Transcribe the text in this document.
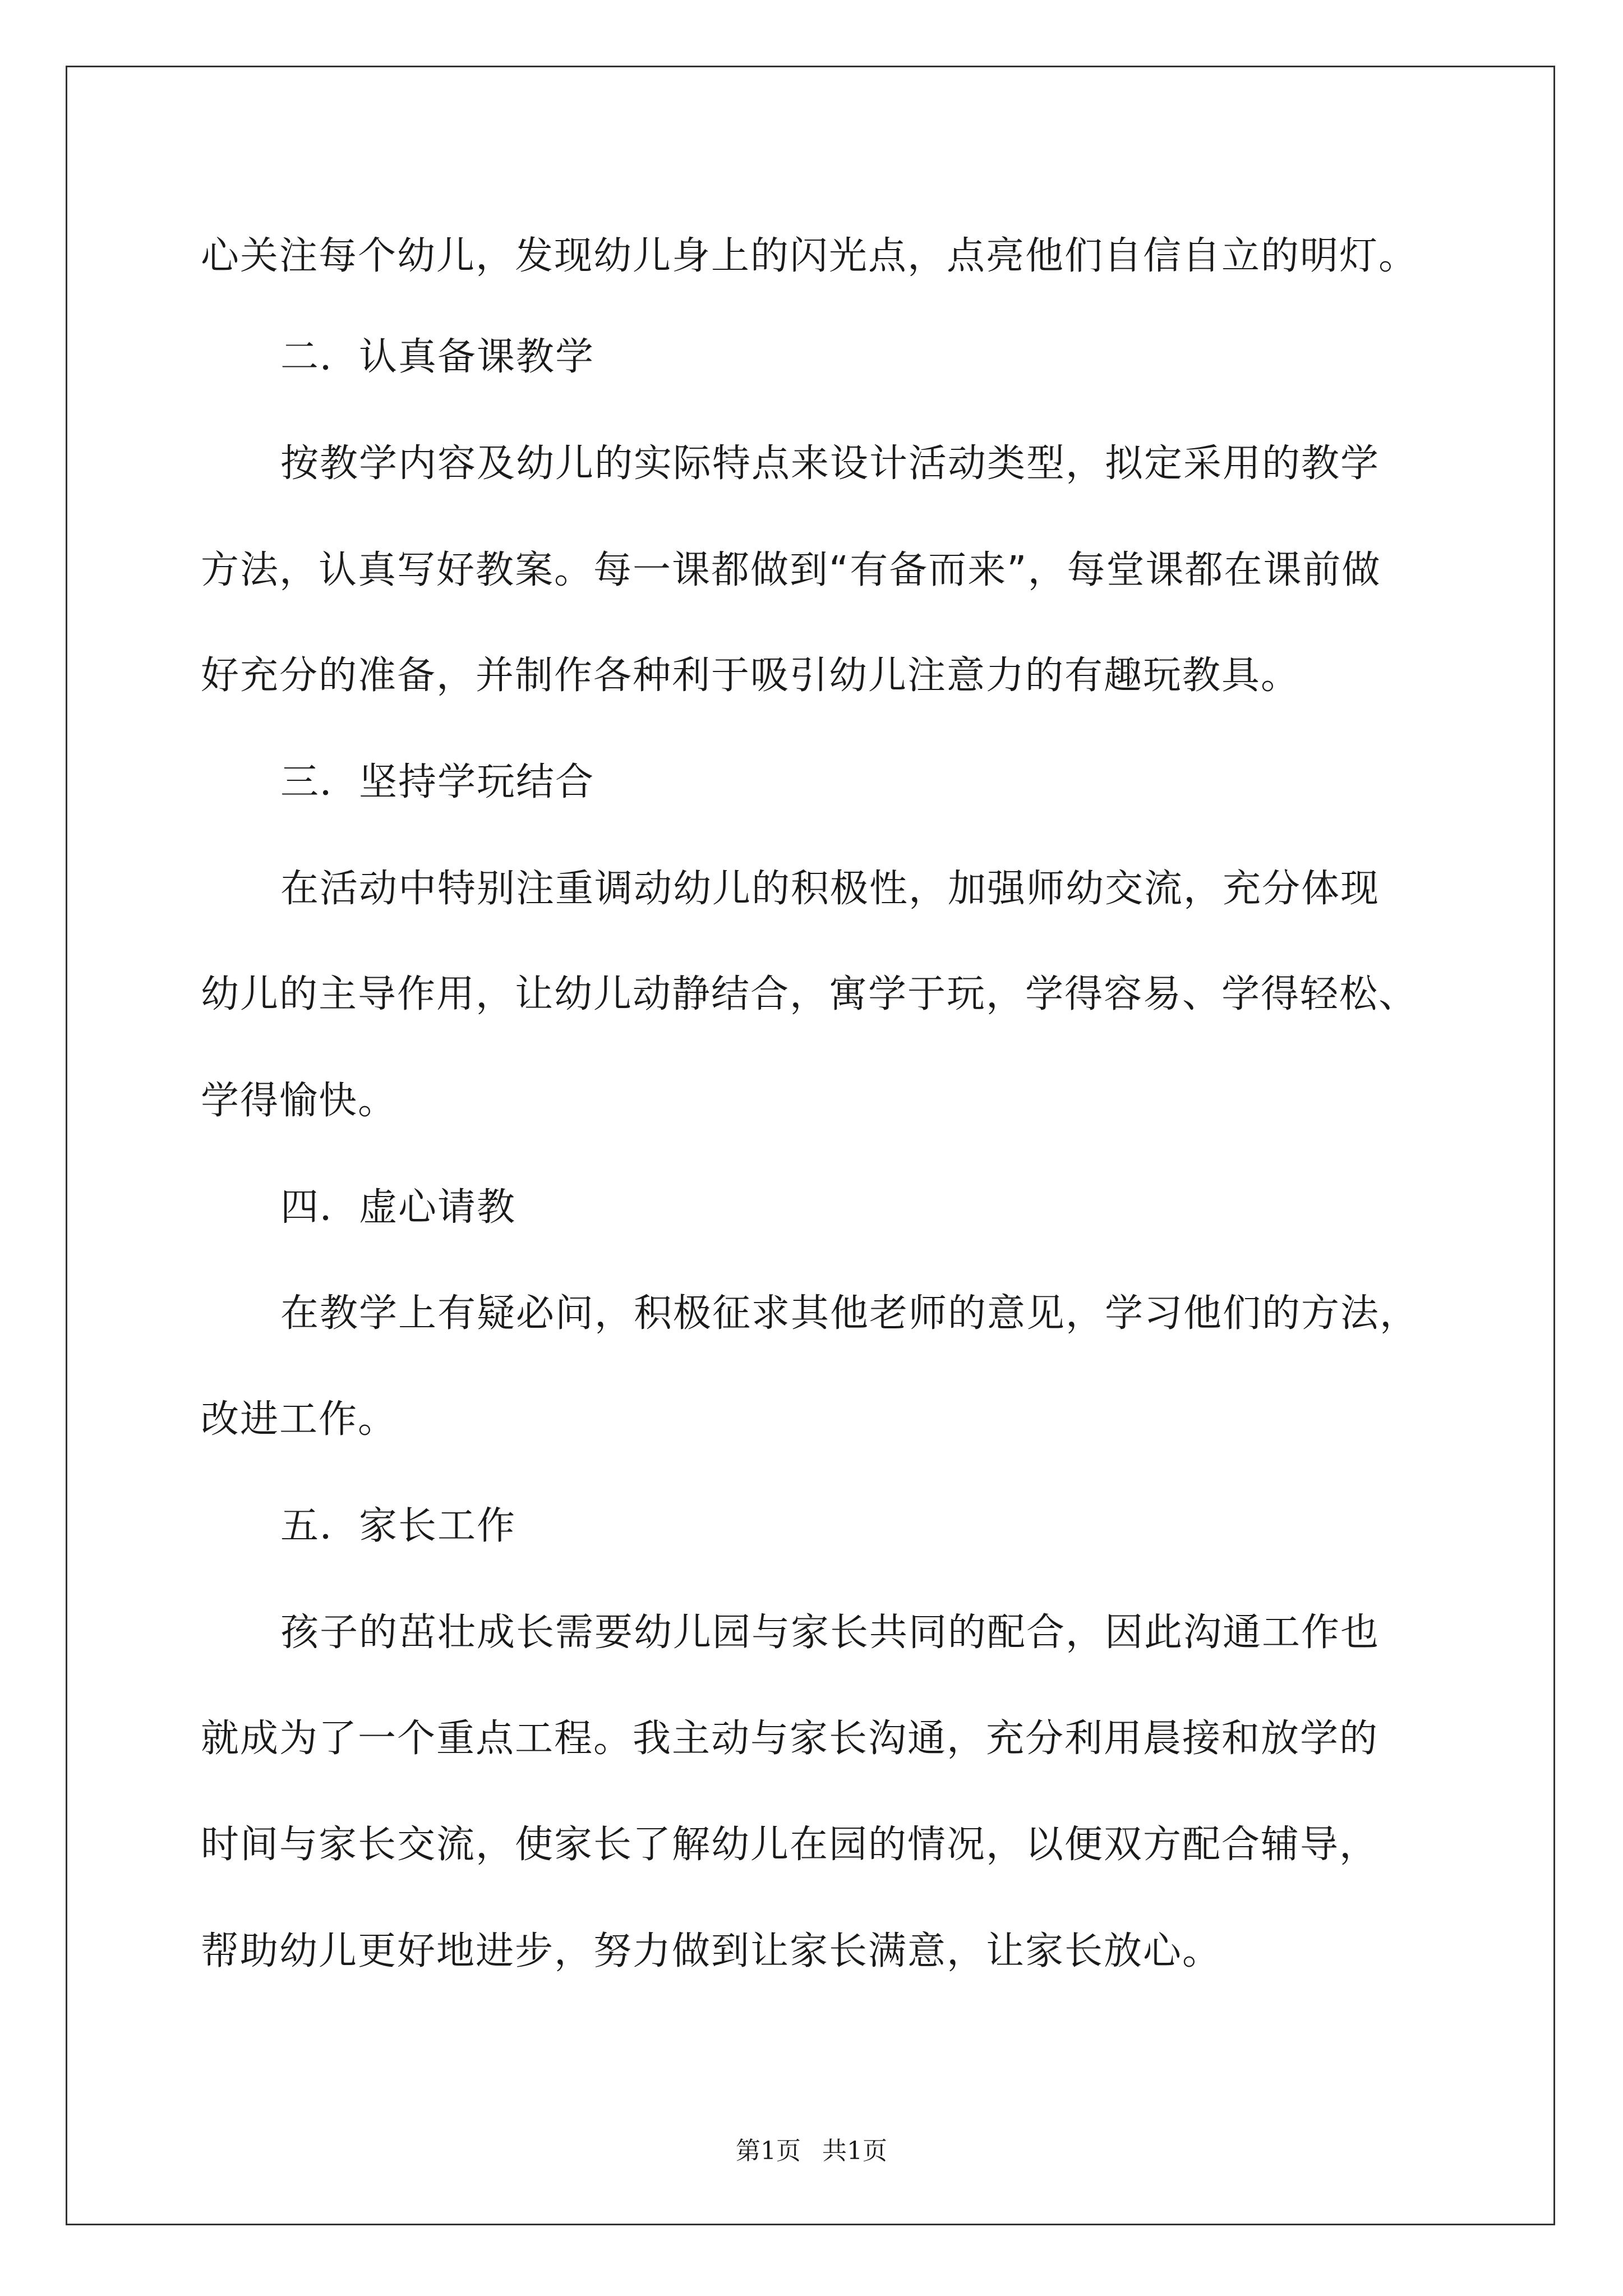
心关注每个幼儿，发现幼儿身上的闪光点，点亮他们自信自立的明灯。
二．认真备课教学
按教学内容及幼儿的实际特点来设计活动类型，拟定采用的教学
方法，认真写好教案。每一课都做到“有备而来”，每堂课都在课前做
好充分的准备，并制作各种利于吸引幼儿注意力的有趣玩教具。
三．坚持学玩结合
在活动中特别注重调动幼儿的积极性，加强师幼交流，充分体现
幼儿的主导作用，让幼儿动静结合，寓学于玩，学得容易、学得轻松、
学得愉快。
四．虚心请教
在教学上有疑必问，积极征求其他老师的意见，学习他们的方法，
改进工作。
五．家长工作
孩子的茁壮成长需要幼儿园与家长共同的配合，因此沟通工作也
就成为了一个重点工程。我主动与家长沟通，充分利用晨接和放学的
时间与家长交流，使家长了解幼儿在园的情况，以便双方配合辅导，
帮助幼儿更好地进步，努力做到让家长满意，让家长放心。
第1页 共1页
